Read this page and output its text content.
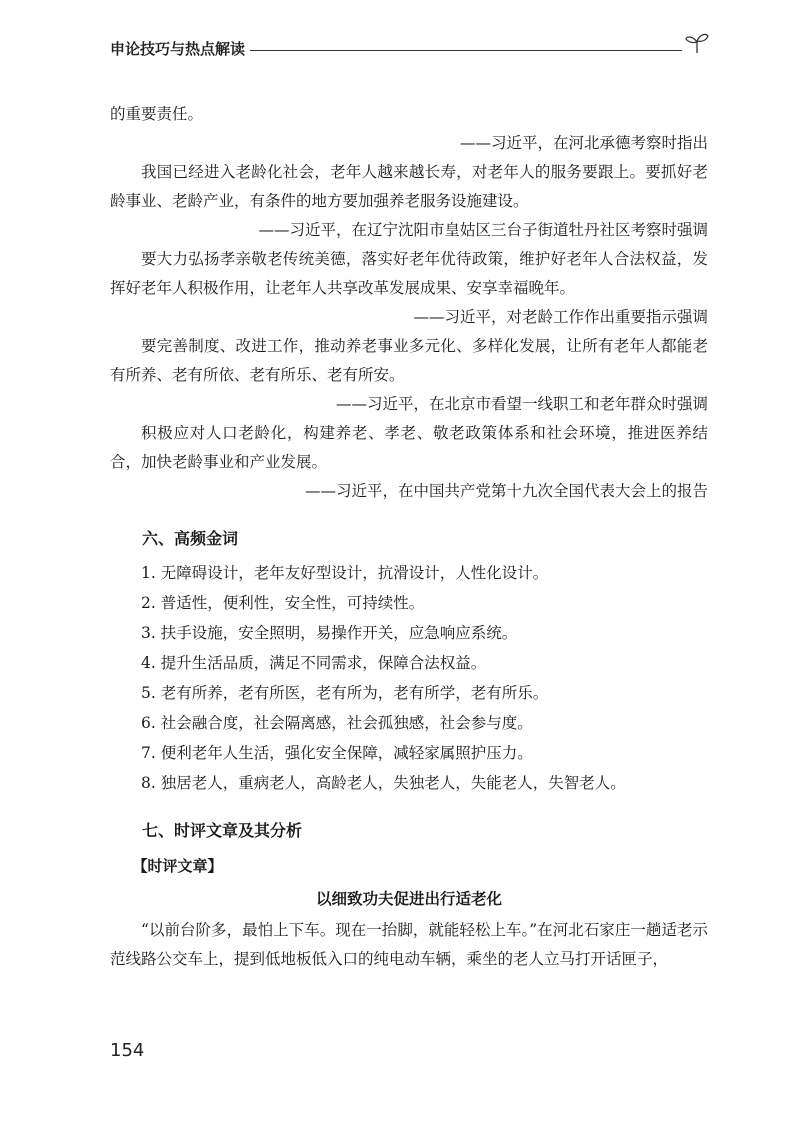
申论技巧与热点解读

的重要责任。

——习近平，在河北承德考察时指出

我国已经进入老龄化社会，老年人越来越长寿，对老年人的服务要跟上。要抓好老龄事业、老龄产业，有条件的地方要加强养老服务设施建设。

——习近平，在辽宁沈阳市皇姑区三台子街道牡丹社区考察时强调

要大力弘扬孝亲敬老传统美德，落实好老年优待政策，维护好老年人合法权益，发挥好老年人积极作用，让老年人共享改革发展成果、安享幸福晚年。

——习近平，对老龄工作作出重要指示强调

要完善制度、改进工作，推动养老事业多元化、多样化发展，让所有老年人都能老有所养、老有所依、老有所乐、老有所安。

——习近平，在北京市看望一线职工和老年群众时强调

积极应对人口老龄化，构建养老、孝老、敬老政策体系和社会环境，推进医养结合，加快老龄事业和产业发展。

——习近平，在中国共产党第十九次全国代表大会上的报告

六、高频金词
1. 无障碍设计，老年友好型设计，抗滑设计，人性化设计。
2. 普适性，便利性，安全性，可持续性。
3. 扶手设施，安全照明，易操作开关，应急响应系统。
4. 提升生活品质，满足不同需求，保障合法权益。
5. 老有所养，老有所医，老有所为，老有所学，老有所乐。
6. 社会融合度，社会隔离感，社会孤独感，社会参与度。
7. 便利老年人生活，强化安全保障，减轻家属照护压力。
8. 独居老人，重病老人，高龄老人，失独老人，失能老人，失智老人。
七、时评文章及其分析

【时评文章】

以细致功夫促进出行适老化

“以前台阶多，最怕上下车。现在一抬脚，就能轻松上车。”在河北石家庄一趟适老示范线路公交车上，提到低地板低入口的纯电动车辆，乘坐的老人立马打开话匣子，

154
